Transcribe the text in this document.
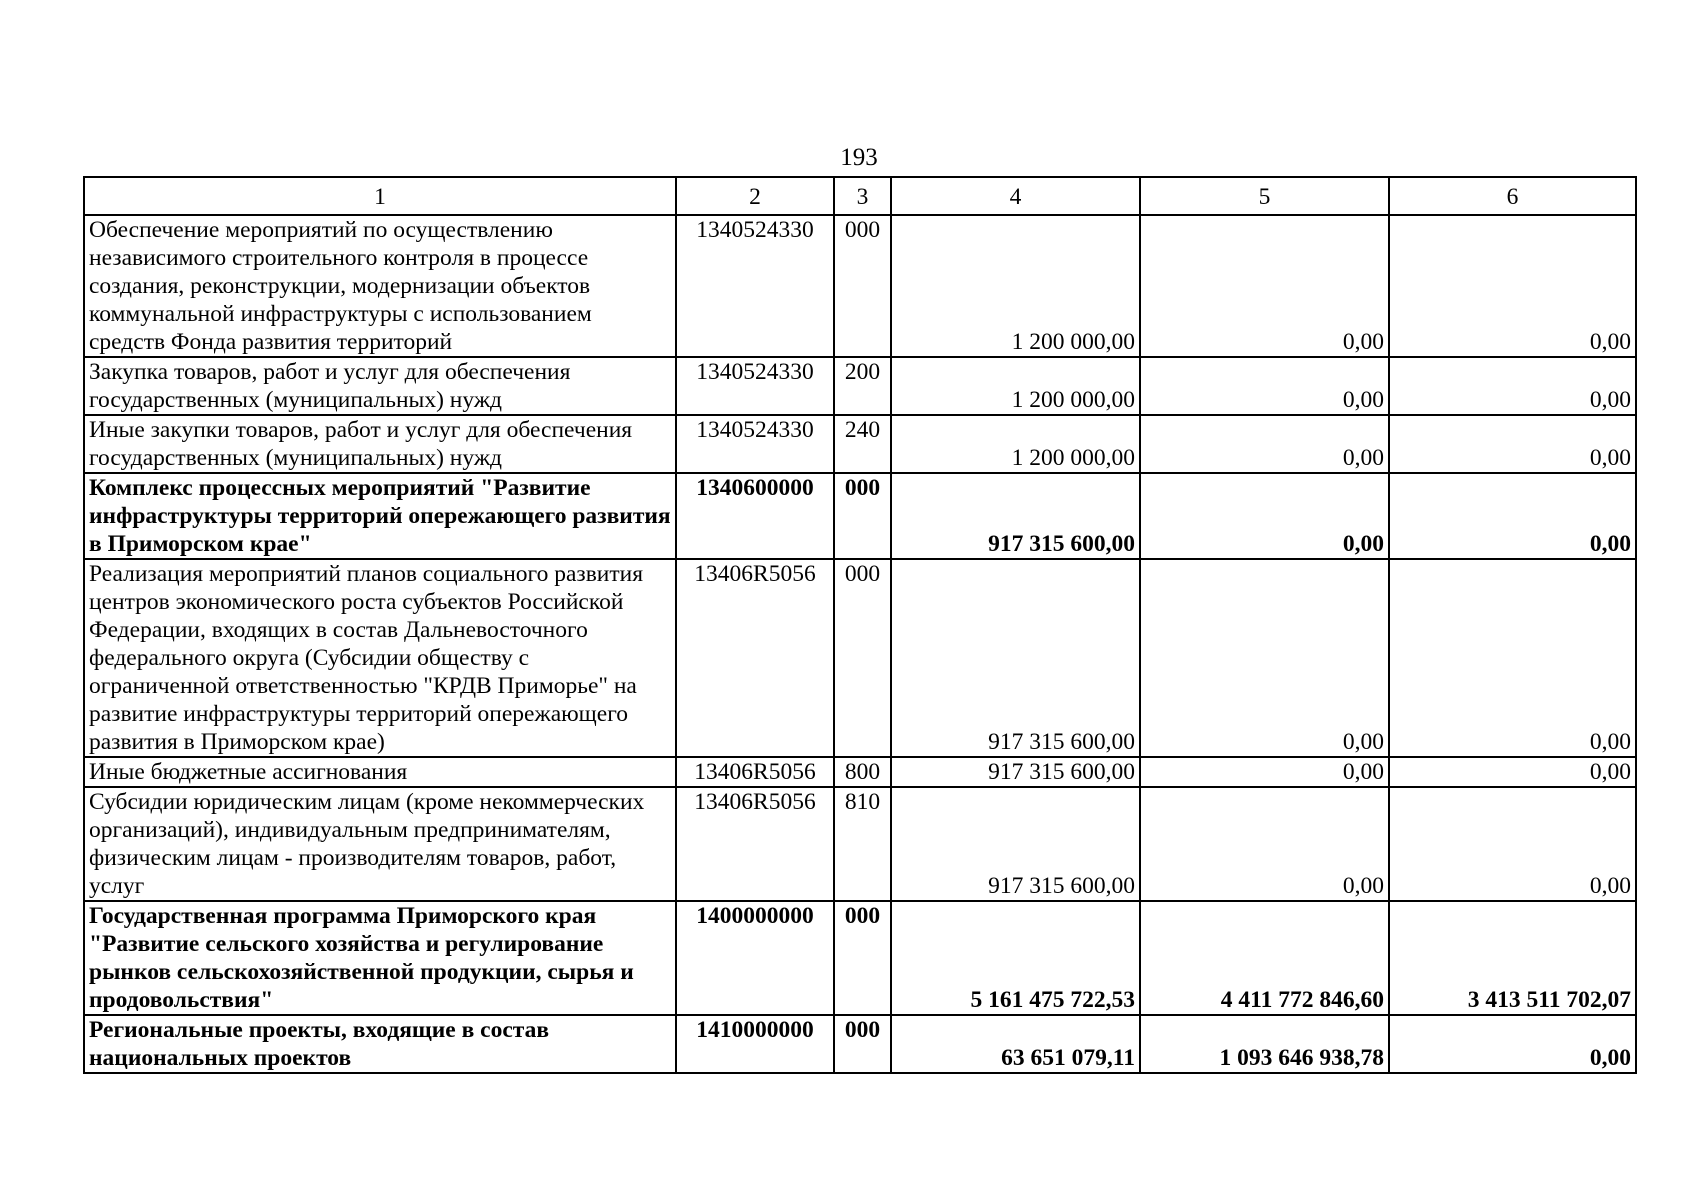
193
1	2	3	4	5	6
Обеспечение мероприятий по осуществлению независимого строительного контроля в процессе создания, реконструкции, модернизации объектов коммунальной инфраструктуры с использованием средств Фонда развития территорий	1340524330	000	1 200 000,00	0,00	0,00
Закупка товаров, работ и услуг для обеспечения государственных (муниципальных) нужд	1340524330	200	1 200 000,00	0,00	0,00
Иные закупки товаров, работ и услуг для обеспечения государственных (муниципальных) нужд	1340524330	240	1 200 000,00	0,00	0,00
Комплекс процессных мероприятий "Развитие инфраструктуры территорий опережающего развития в Приморском крае"	1340600000	000	917 315 600,00	0,00	0,00
Реализация мероприятий планов социального развития центров экономического роста субъектов Российской Федерации, входящих в состав Дальневосточного федерального округа (Субсидии обществу с ограниченной ответственностью "КРДВ Приморье" на развитие инфраструктуры территорий опережающего развития в Приморском крае)	13406R5056	000	917 315 600,00	0,00	0,00
Иные бюджетные ассигнования	13406R5056	800	917 315 600,00	0,00	0,00
Субсидии юридическим лицам (кроме некоммерческих организаций), индивидуальным предпринимателям, физическим лицам - производителям товаров, работ, услуг	13406R5056	810	917 315 600,00	0,00	0,00
Государственная программа Приморского края "Развитие сельского хозяйства и регулирование рынков сельскохозяйственной продукции, сырья и продовольствия"	1400000000	000	5 161 475 722,53	4 411 772 846,60	3 413 511 702,07
Региональные проекты, входящие в состав национальных проектов	1410000000	000	63 651 079,11	1 093 646 938,78	0,00
